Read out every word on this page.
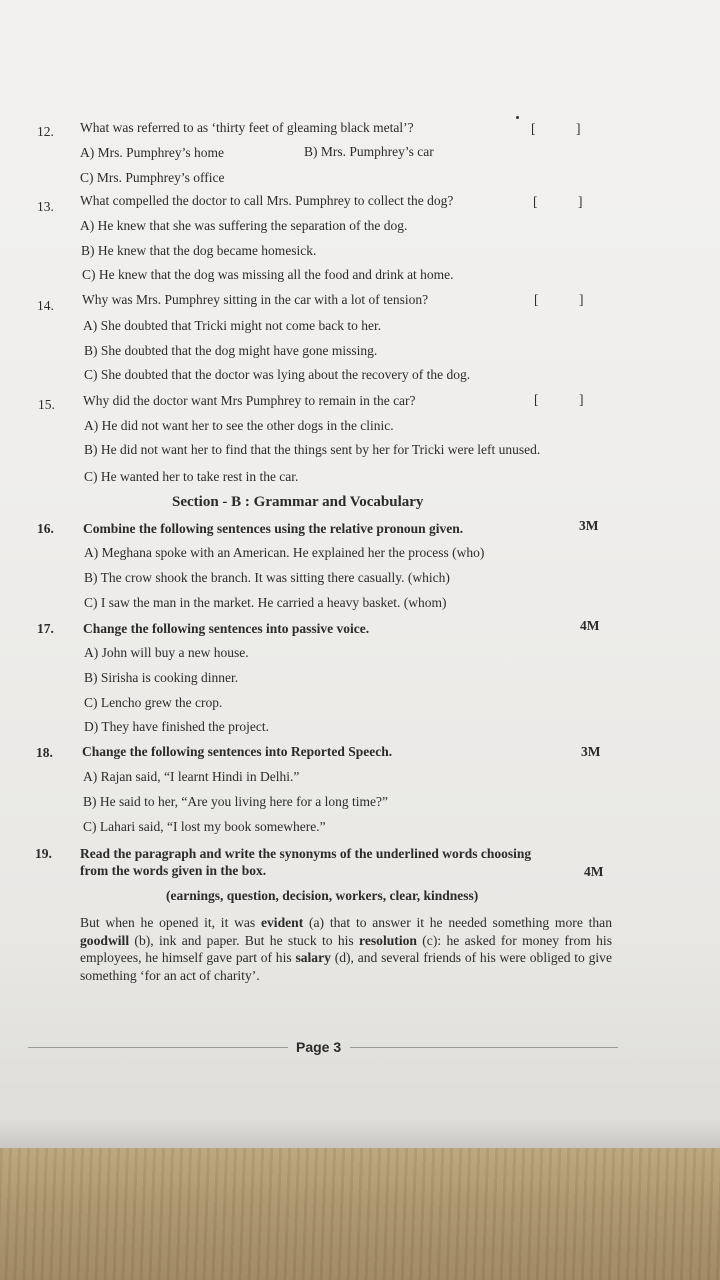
12. What was referred to as ‘thirty feet of gleaming black metal’?	[	]
A) Mrs. Pumphrey’s home	B) Mrs. Pumphrey’s car
C) Mrs. Pumphrey’s office
13. What compelled the doctor to call Mrs. Pumphrey to collect the dog?	[	]
A) He knew that she was suffering the separation of the dog.
B) He knew that the dog became homesick.
C) He knew that the dog was missing all the food and drink at home.
14. Why was Mrs. Pumphrey sitting in the car with a lot of tension?	[	]
A) She doubted that Tricki might not come back to her.
B) She doubted that the dog might have gone missing.
C) She doubted that the doctor was lying about the recovery of the dog.
15. Why did the doctor want Mrs Pumphrey to remain in the car?	[	]
A) He did not want her to see the other dogs in the clinic.
B) He did not want her to find that the things sent by her for Tricki were left unused.
C) He wanted her to take rest in the car.
Section - B : Grammar and Vocabulary
16. Combine the following sentences using the relative pronoun given.	3M
A) Meghana spoke with an American. He explained her the process (who)
B) The crow shook the branch. It was sitting there casually. (which)
C) I saw the man in the market. He carried a heavy basket. (whom)
17. Change the following sentences into passive voice.	4M
A) John will buy a new house.
B) Sirisha is cooking dinner.
C) Lencho grew the crop.
D) They have finished the project.
18. Change the following sentences into Reported Speech.	3M
A) Rajan said, “I learnt Hindi in Delhi.”
B) He said to her, “Are you living here for a long time?”
C) Lahari said, “I lost my book somewhere.”
19. Read the paragraph and write the synonyms of the underlined words choosing
from the words given in the box.	4M
(earnings, question, decision, workers, clear, kindness)
But when he opened it, it was evident (a) that to answer it he needed something more than goodwill (b), ink and paper. But he stuck to his resolution (c): he asked for money from his employees, he himself gave part of his salary (d), and several friends of his were obliged to give something ‘for an act of charity’.
Page 3
